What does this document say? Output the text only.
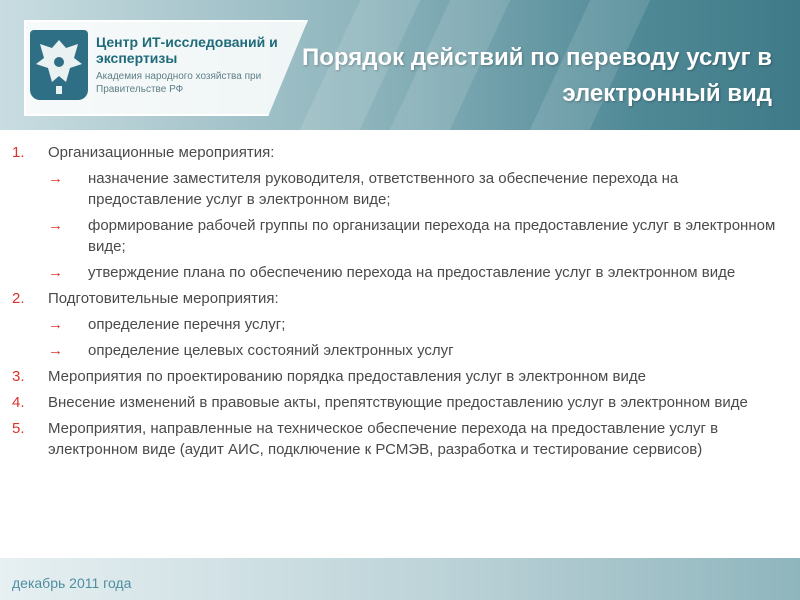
Центр ИТ-исследований и экспертизы
Академия народного хозяйства при Правительстве РФ
Порядок действий по переводу услуг в электронный вид
1.	Организационные мероприятия:
→	назначение заместителя руководителя, ответственного за обеспечение перехода на предоставление услуг в электронном виде;
→	формирование рабочей группы по организации перехода на предоставление услуг в электронном виде;
→	утверждение плана по обеспечению перехода на предоставление услуг в электронном виде
2.	Подготовительные мероприятия:
→	определение перечня услуг;
→	определение целевых состояний электронных услуг
3.	Мероприятия по проектированию порядка предоставления услуг в электронном виде
4.	Внесение изменений в правовые акты, препятствующие предоставлению услуг в электронном виде
5.	Мероприятия, направленные на техническое обеспечение перехода на предоставление услуг в электронном виде (аудит АИС, подключение к РСМЭВ, разработка и тестирование сервисов)
декабрь 2011 года
